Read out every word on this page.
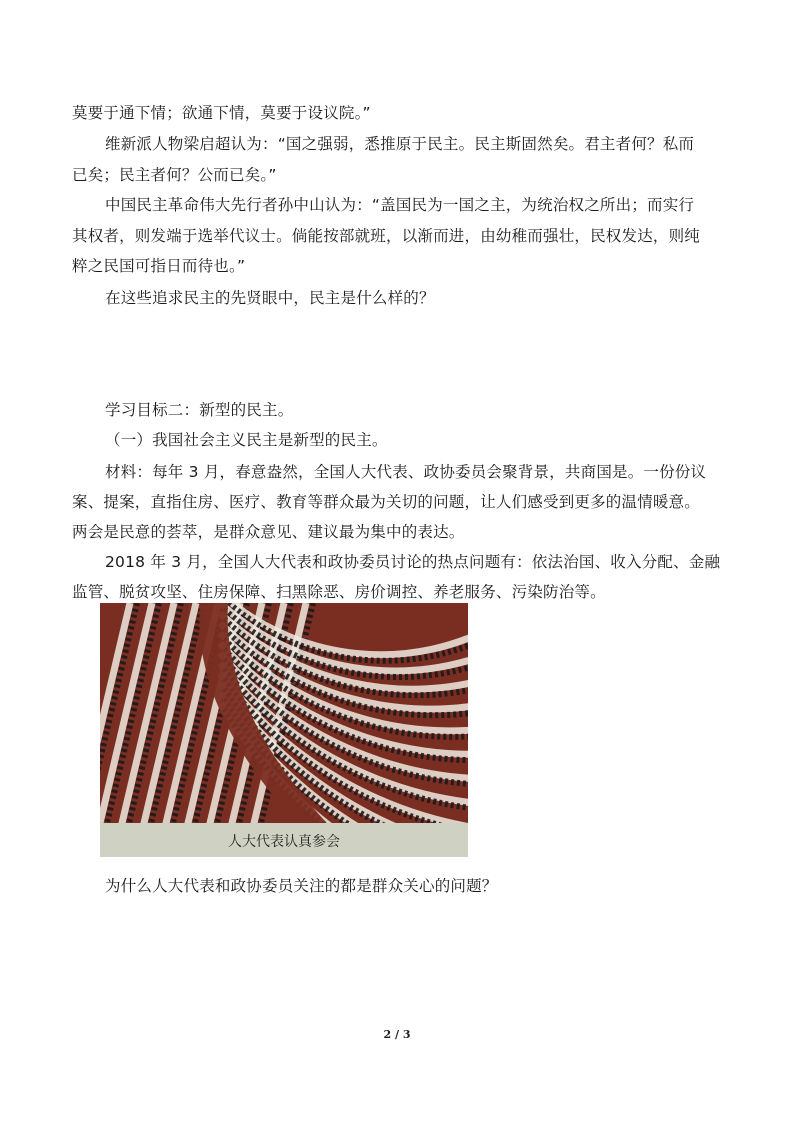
莫要于通下情；欲通下情，莫要于设议院。”
维新派人物梁启超认为：“国之强弱，悉推原于民主。民主斯固然矣。君主者何？私而
已矣；民主者何？公而已矣。”
中国民主革命伟大先行者孙中山认为：“盖国民为一国之主，为统治权之所出；而实行
其权者，则发端于选举代议士。倘能按部就班，以渐而进，由幼稚而强壮，民权发达，则纯
粹之民国可指日而待也。”
在这些追求民主的先贤眼中，民主是什么样的？
学习目标二：新型的民主。
（一）我国社会主义民主是新型的民主。
材料：每年 3 月，春意盎然，全国人大代表、政协委员会聚背景，共商国是。一份份议
案、提案，直指住房、医疗、教育等群众最为关切的问题，让人们感受到更多的温情暖意。
两会是民意的荟萃，是群众意见、建议最为集中的表达。
2018 年 3 月，全国人大代表和政协委员讨论的热点问题有：依法治国、收入分配、金融
监管、脱贫攻坚、住房保障、扫黑除恶、房价调控、养老服务、污染防治等。
人大代表认真参会
为什么人大代表和政协委员关注的都是群众关心的问题？
2 / 3
